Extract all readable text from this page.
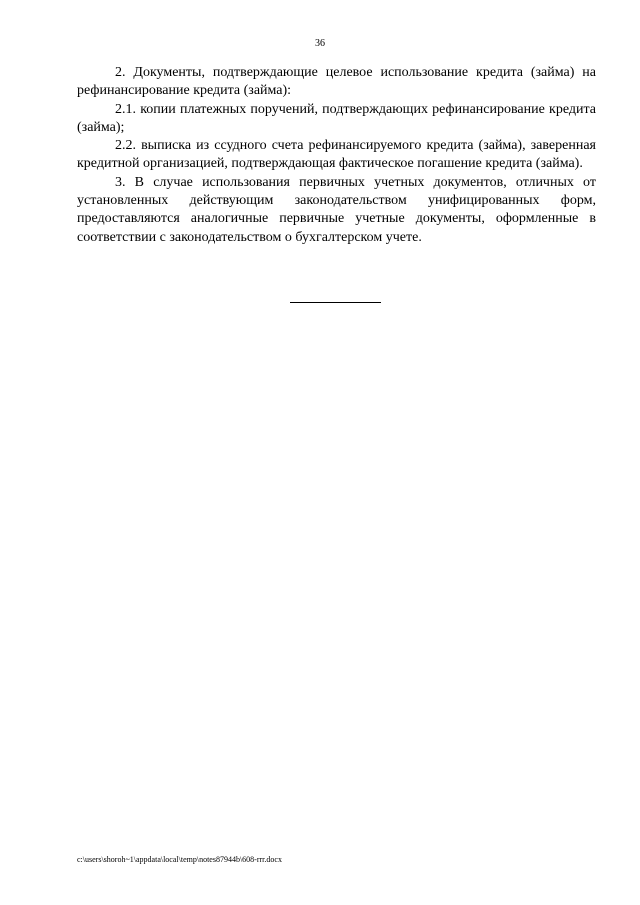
36

2. Документы, подтверждающие целевое использование кредита (займа) на рефинансирование кредита (займа):

2.1. копии платежных поручений, подтверждающих рефинансирование кредита (займа);

2.2. выписка из ссудного счета рефинансируемого кредита (займа), заверенная кредитной организацией, подтверждающая фактическое погашение кредита (займа).

3. В случае использования первичных учетных документов, отличных от установленных действующим законодательством унифицированных форм, предоставляются аналогичные первичные учетные документы, оформленные в соответствии с законодательством о бухгалтерском учете.

c:\users\shoroh~1\appdata\local\temp\notes87944b\608-rrr.docx
